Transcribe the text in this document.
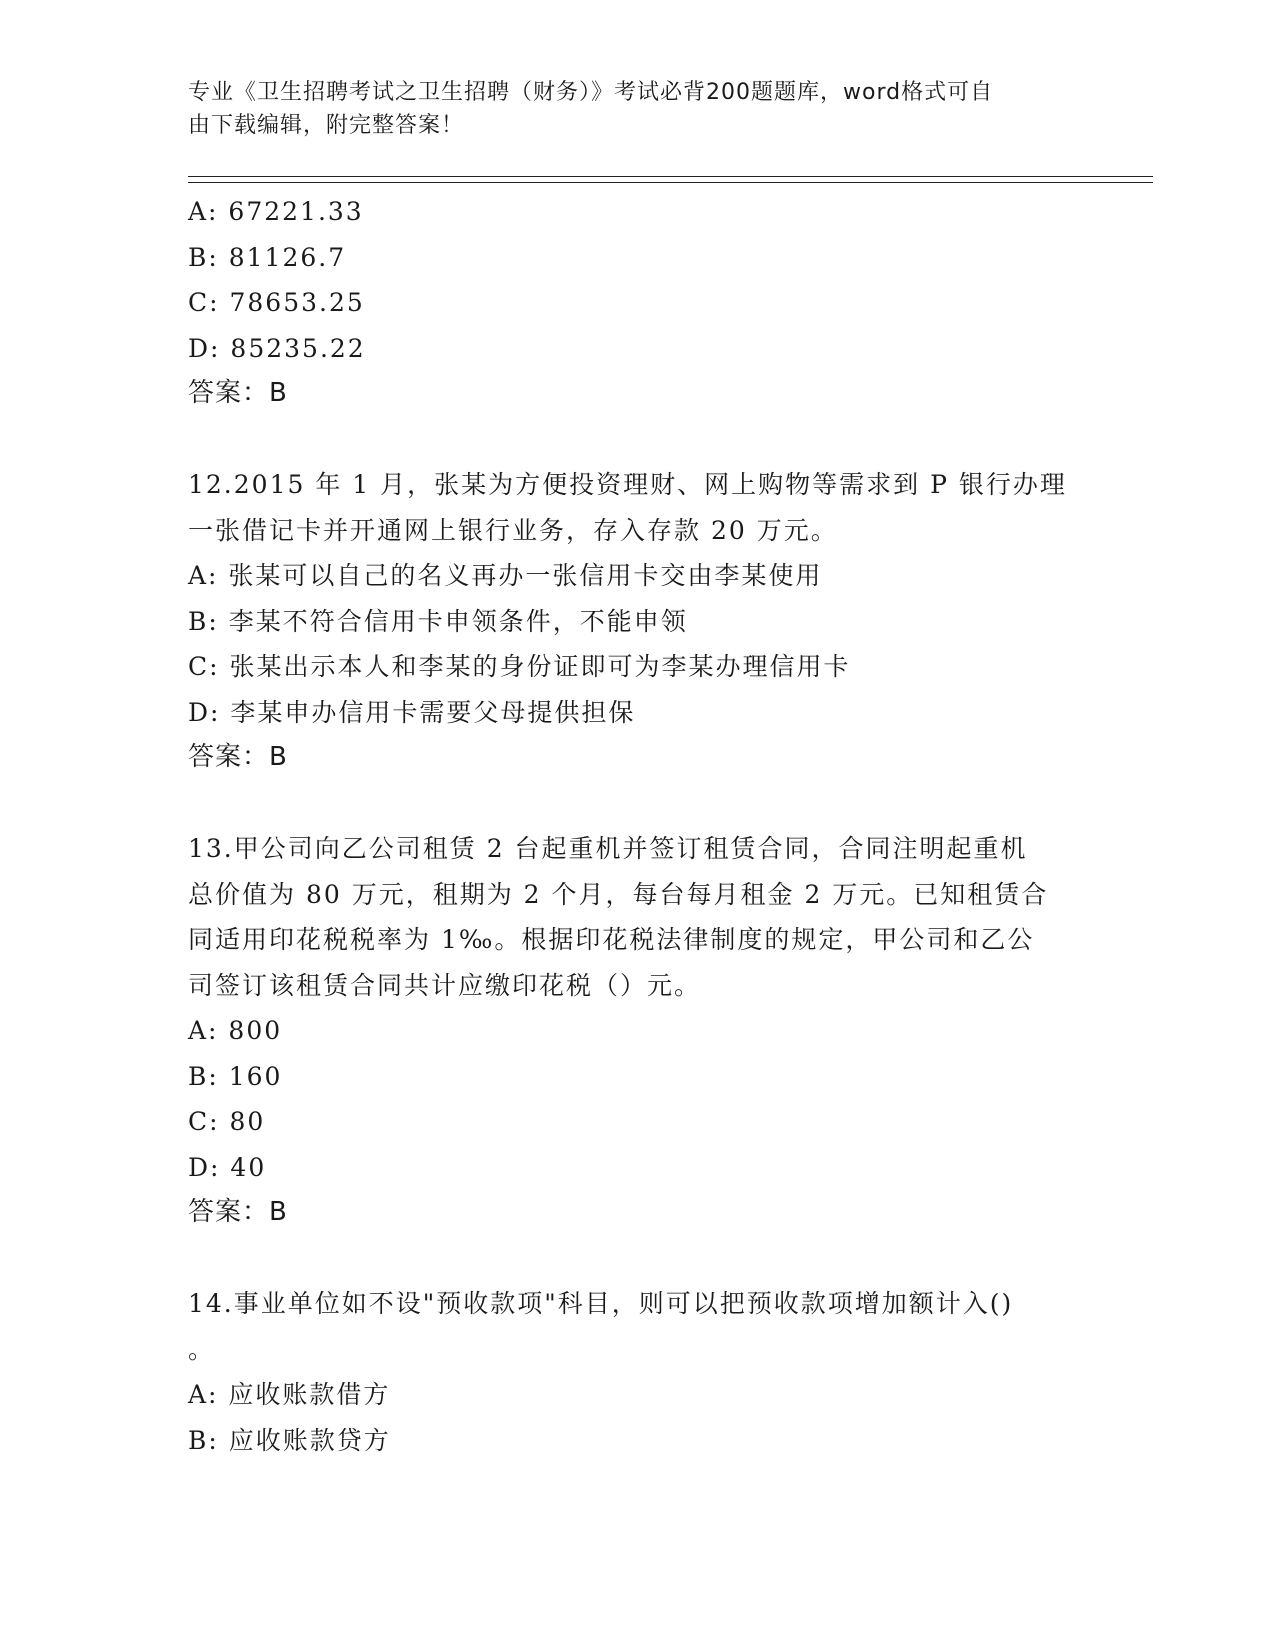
专业《卫生招聘考试之卫生招聘（财务）》考试必背200题题库，word格式可自
由下载编辑，附完整答案！
A: 67221.33
B: 81126.7
C: 78653.25
D: 85235.22
答案：B
12.2015 年 1 月，张某为方便投资理财、网上购物等需求到 P 银行办理
一张借记卡并开通网上银行业务，存入存款 20 万元。
A: 张某可以自己的名义再办一张信用卡交由李某使用
B: 李某不符合信用卡申领条件，不能申领
C: 张某出示本人和李某的身份证即可为李某办理信用卡
D: 李某申办信用卡需要父母提供担保
答案：B
13.甲公司向乙公司租赁 2 台起重机并签订租赁合同，合同注明起重机
总价值为 80 万元，租期为 2 个月，每台每月租金 2 万元。已知租赁合
同适用印花税税率为 1‰。根据印花税法律制度的规定，甲公司和乙公
司签订该租赁合同共计应缴印花税（）元。
A: 800
B: 160
C: 80
D: 40
答案：B
14.事业单位如不设"预收款项"科目，则可以把预收款项增加额计入()
。
A: 应收账款借方
B: 应收账款贷方
